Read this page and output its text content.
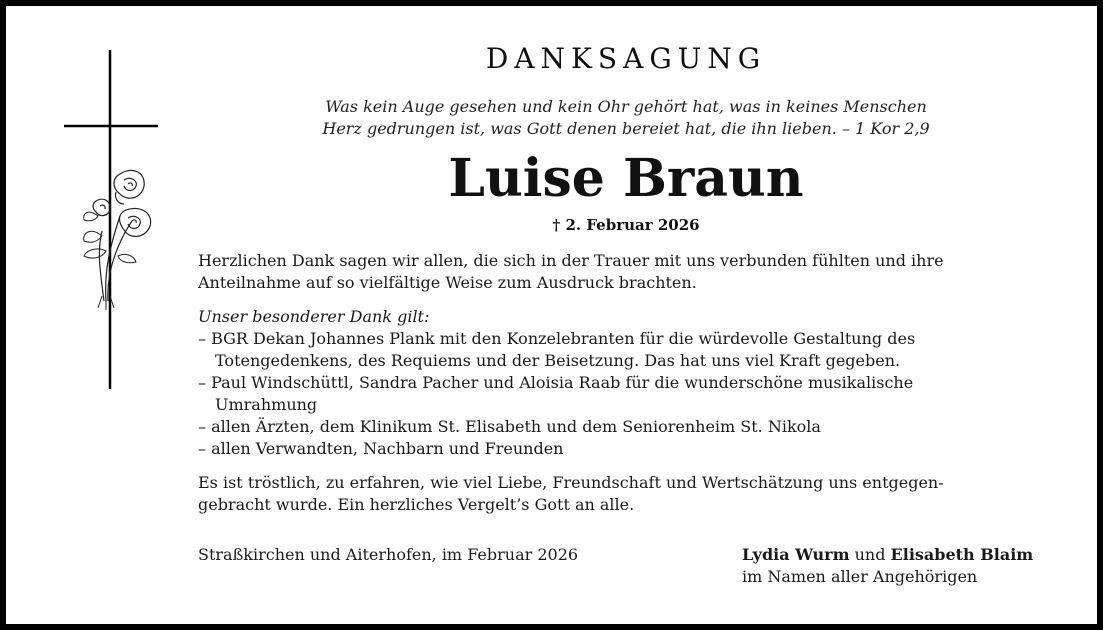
DANKSAGUNG
Was kein Auge gesehen und kein Ohr gehört hat, was in keines Menschen
Herz gedrungen ist, was Gott denen bereiet hat, die ihn lieben. – 1 Kor 2,9
Luise Braun
† 2. Februar 2026
Herzlichen Dank sagen wir allen, die sich in der Trauer mit uns verbunden fühlten und ihre
Anteilnahme auf so vielfältige Weise zum Ausdruck brachten.
Unser besonderer Dank gilt:
– BGR Dekan Johannes Plank mit den Konzelebranten für die würdevolle Gestaltung des
Totengedenkens, des Requiems und der Beisetzung. Das hat uns viel Kraft gegeben.
– Paul Windschüttl, Sandra Pacher und Aloisia Raab für die wunderschöne musikalische
Umrahmung
– allen Ärzten, dem Klinikum St. Elisabeth und dem Seniorenheim St. Nikola
– allen Verwandten, Nachbarn und Freunden
Es ist tröstlich, zu erfahren, wie viel Liebe, Freundschaft und Wertschätzung uns entgegen-
gebracht wurde. Ein herzliches Vergelt’s Gott an alle.
Straßkirchen und Aiterhofen, im Februar 2026	Lydia Wurm und Elisabeth Blaim
im Namen aller Angehörigen
